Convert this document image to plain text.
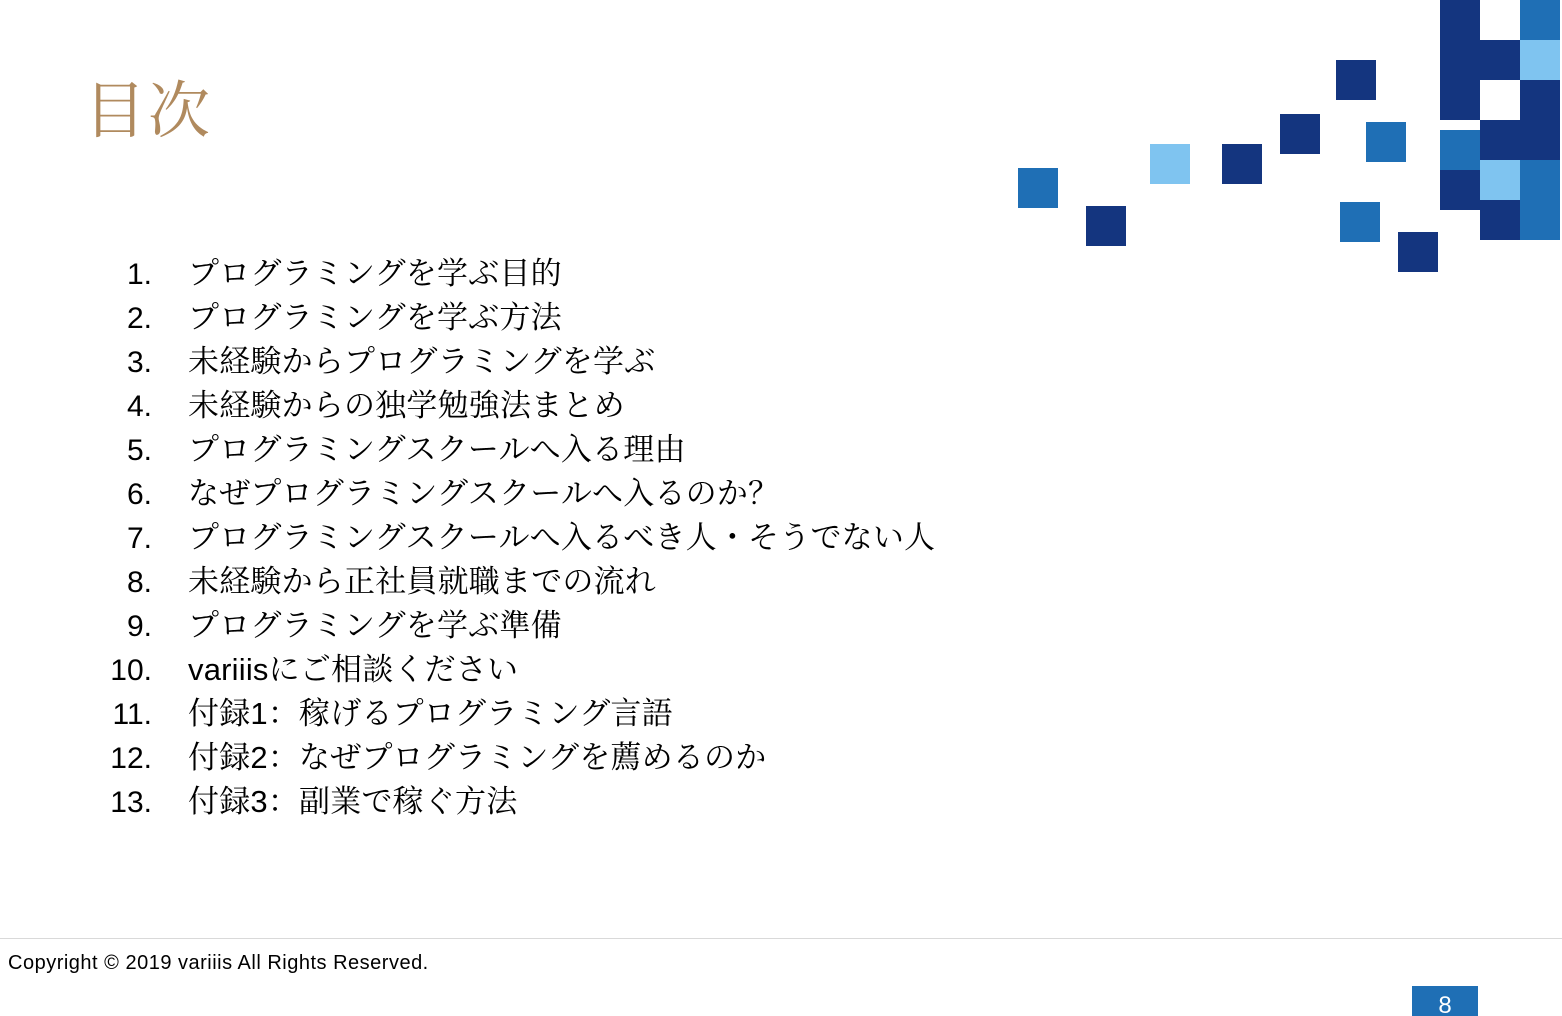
目次
1.	プログラミングを学ぶ目的
2.	プログラミングを学ぶ方法
3.	未経験からプログラミングを学ぶ
4.	未経験からの独学勉強法まとめ
5.	プログラミングスクールへ入る理由
6.	なぜプログラミングスクールへ入るのか？
7.	プログラミングスクールへ入るべき人・そうでない人
8.	未経験から正社員就職までの流れ
9.	プログラミングを学ぶ準備
10.	variiisにご相談ください
11.	付録1：稼げるプログラミング言語
12.	付録2：なぜプログラミングを薦めるのか
13.	付録3：副業で稼ぐ方法
Copyright © 2019 variiis All Rights Reserved.
8
